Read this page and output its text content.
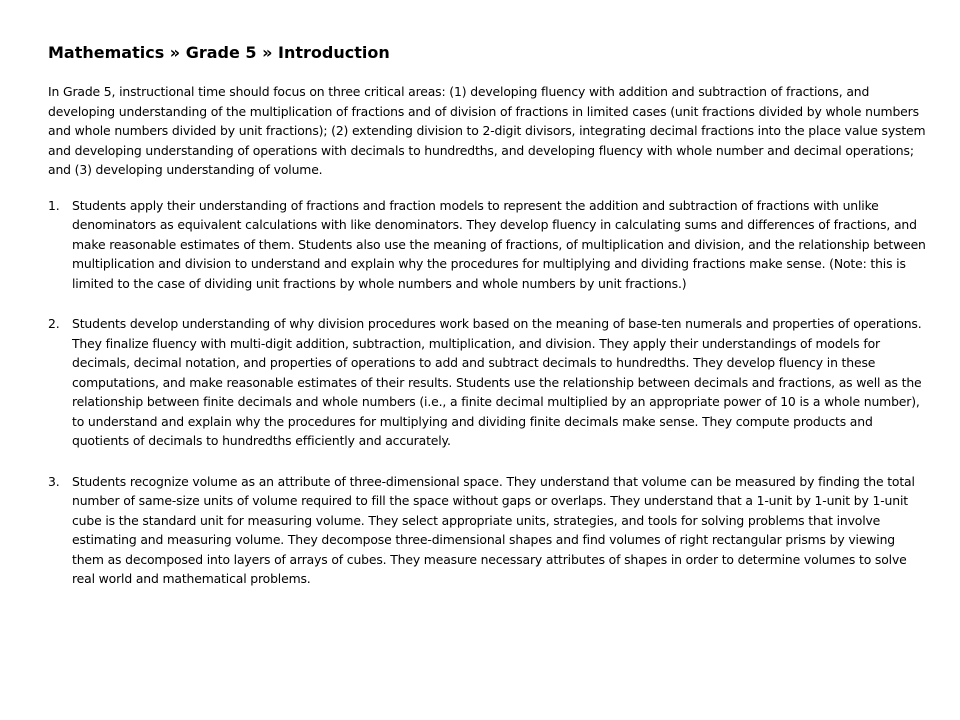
Mathematics » Grade 5 » Introduction

In Grade 5, instructional time should focus on three critical areas: (1) developing fluency with addition and subtraction of fractions, and developing understanding of the multiplication of fractions and of division of fractions in limited cases (unit fractions divided by whole numbers and whole numbers divided by unit fractions); (2) extending division to 2-digit divisors, integrating decimal fractions into the place value system and developing understanding of operations with decimals to hundredths, and developing fluency with whole number and decimal operations; and (3) developing understanding of volume.

1. Students apply their understanding of fractions and fraction models to represent the addition and subtraction of fractions with unlike denominators as equivalent calculations with like denominators. They develop fluency in calculating sums and differences of fractions, and make reasonable estimates of them. Students also use the meaning of fractions, of multiplication and division, and the relationship between multiplication and division to understand and explain why the procedures for multiplying and dividing fractions make sense. (Note: this is limited to the case of dividing unit fractions by whole numbers and whole numbers by unit fractions.)
2. Students develop understanding of why division procedures work based on the meaning of base-ten numerals and properties of operations. They finalize fluency with multi-digit addition, subtraction, multiplication, and division. They apply their understandings of models for decimals, decimal notation, and properties of operations to add and subtract decimals to hundredths. They develop fluency in these computations, and make reasonable estimates of their results. Students use the relationship between decimals and fractions, as well as the relationship between finite decimals and whole numbers (i.e., a finite decimal multiplied by an appropriate power of 10 is a whole number), to understand and explain why the procedures for multiplying and dividing finite decimals make sense. They compute products and quotients of decimals to hundredths efficiently and accurately.
3. Students recognize volume as an attribute of three-dimensional space. They understand that volume can be measured by finding the total number of same-size units of volume required to fill the space without gaps or overlaps. They understand that a 1-unit by 1-unit by 1-unit cube is the standard unit for measuring volume. They select appropriate units, strategies, and tools for solving problems that involve estimating and measuring volume. They decompose three-dimensional shapes and find volumes of right rectangular prisms by viewing them as decomposed into layers of arrays of cubes. They measure necessary attributes of shapes in order to determine volumes to solve real world and mathematical problems.
